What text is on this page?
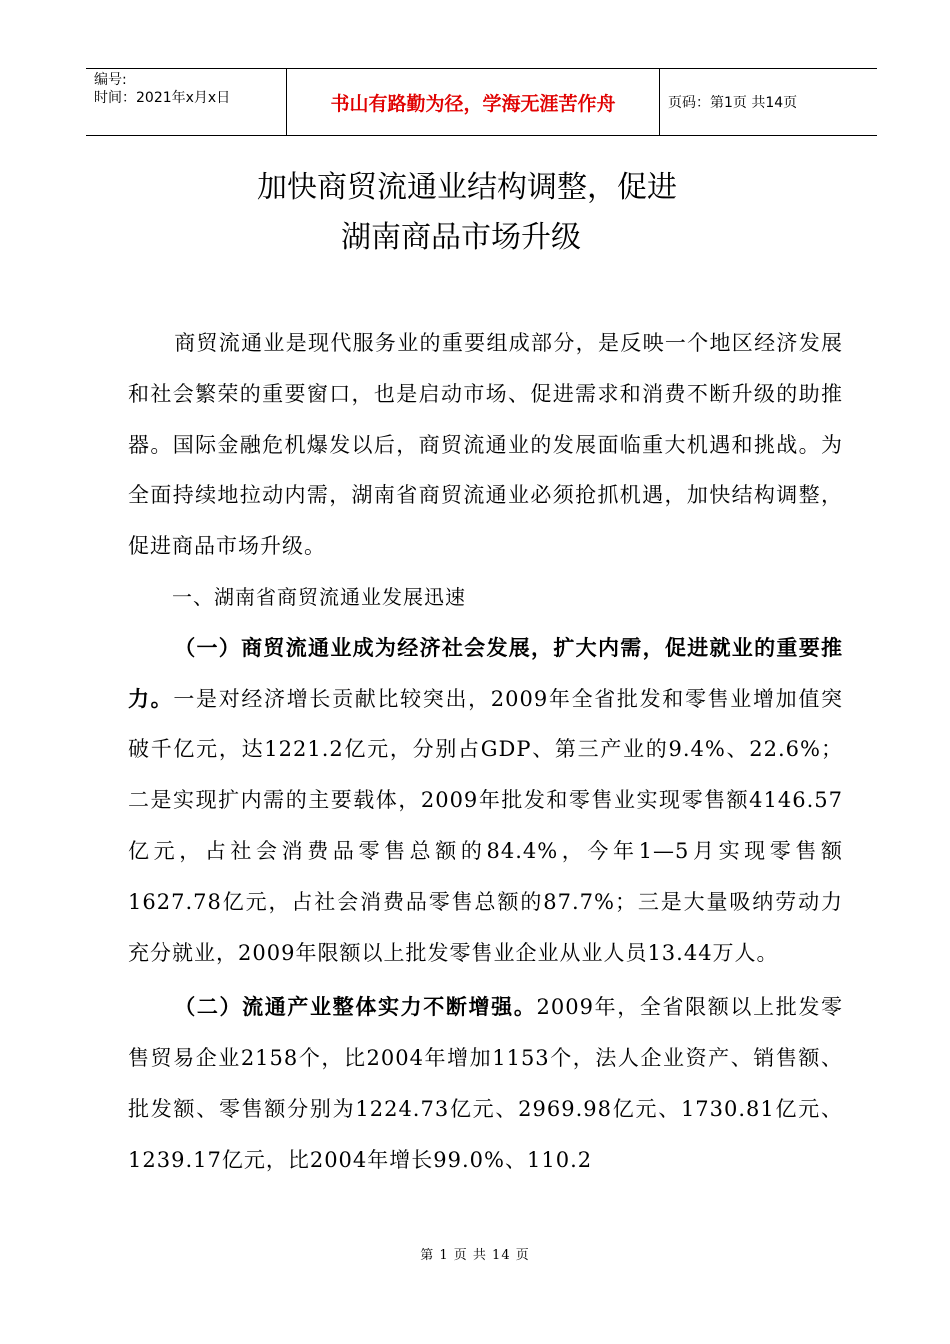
编号:
时间：2021年x月x日	书山有路勤为径，学海无涯苦作舟	页码：第1页 共14页
加快商贸流通业结构调整，促进
湖南商品市场升级

商贸流通业是现代服务业的重要组成部分，是反映一个地区经济发展和社会繁荣的重要窗口，也是启动市场、促进需求和消费不断升级的助推器。国际金融危机爆发以后，商贸流通业的发展面临重大机遇和挑战。为全面持续地拉动内需，湖南省商贸流通业必须抢抓机遇，加快结构调整，促进商品市场升级。

一、湖南省商贸流通业发展迅速

（一）商贸流通业成为经济社会发展，扩大内需，促进就业的重要推力。一是对经济增长贡献比较突出，2009年全省批发和零售业增加值突破千亿元，达1221.2亿元，分别占GDP、第三产业的9.4%、22.6%；二是实现扩内需的主要载体，2009年批发和零售业实现零售额4146.57亿元，占社会消费品零售总额的84.4%，今年1—5月实现零售额1627.78亿元，占社会消费品零售总额的87.7%；三是大量吸纳劳动力充分就业，2009年限额以上批发零售业企业从业人员13.44万人。

（二）流通产业整体实力不断增强。2009年，全省限额以上批发零售贸易企业2158个，比2004年增加1153个，法人企业资产、销售额、批发额、零售额分别为1224.73亿元、2969.98亿元、1730.81亿元、1239.17亿元，比2004年增长99.0%、110.2

第 1 页 共 14 页
